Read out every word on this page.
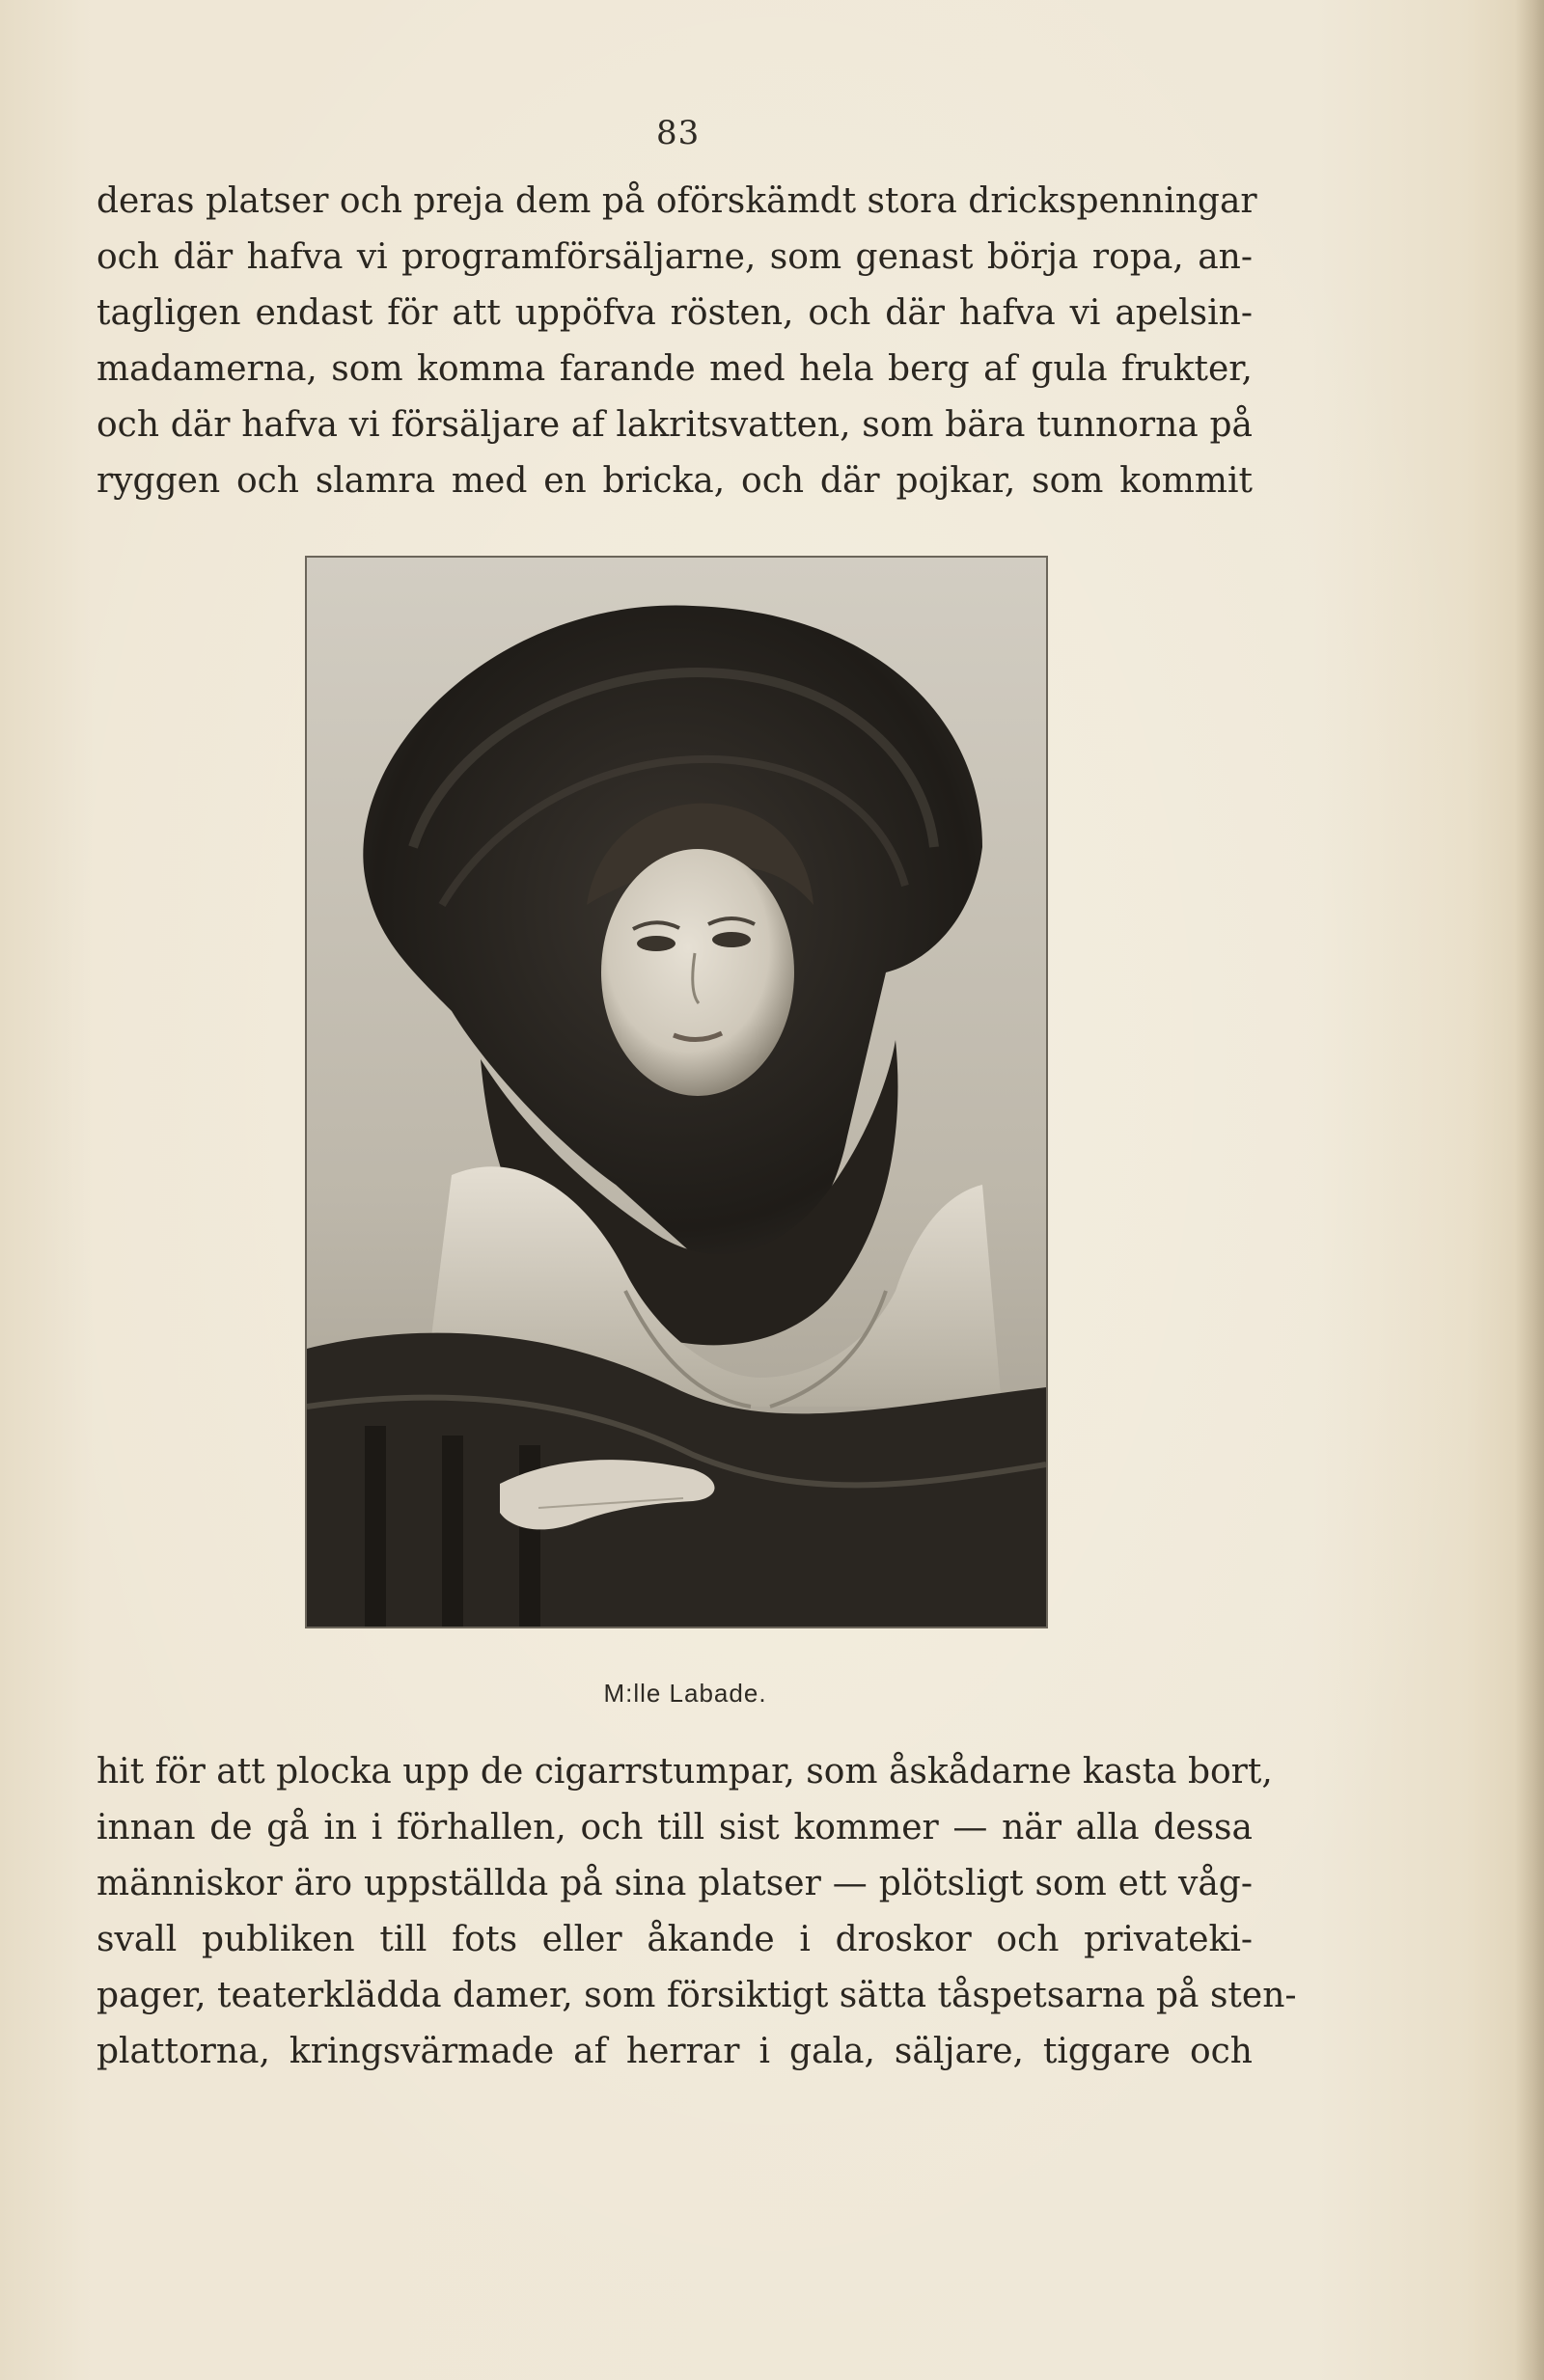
83
deras platser och preja dem på oförskämdt stora drickspenningar
och där hafva vi programförsäljarne, som genast börja ropa, an-
tagligen endast för att uppöfva rösten, och där hafva vi apelsin-
madamerna, som komma farande med hela berg af gula frukter,
och där hafva vi försäljare af lakritsvatten, som bära tunnorna på
ryggen och slamra med en bricka, och där pojkar, som kommit
M:lle Labade.
hit för att plocka upp de cigarrstumpar, som åskådarne kasta bort,
innan de gå in i förhallen, och till sist kommer — när alla dessa
människor äro uppställda på sina platser — plötsligt som ett våg-
svall publiken till fots eller åkande i droskor och privateki-
pager, teaterklädda damer, som försiktigt sätta tåspetsarna på sten-
plattorna, kringsvärmade af herrar i gala, säljare, tiggare och
